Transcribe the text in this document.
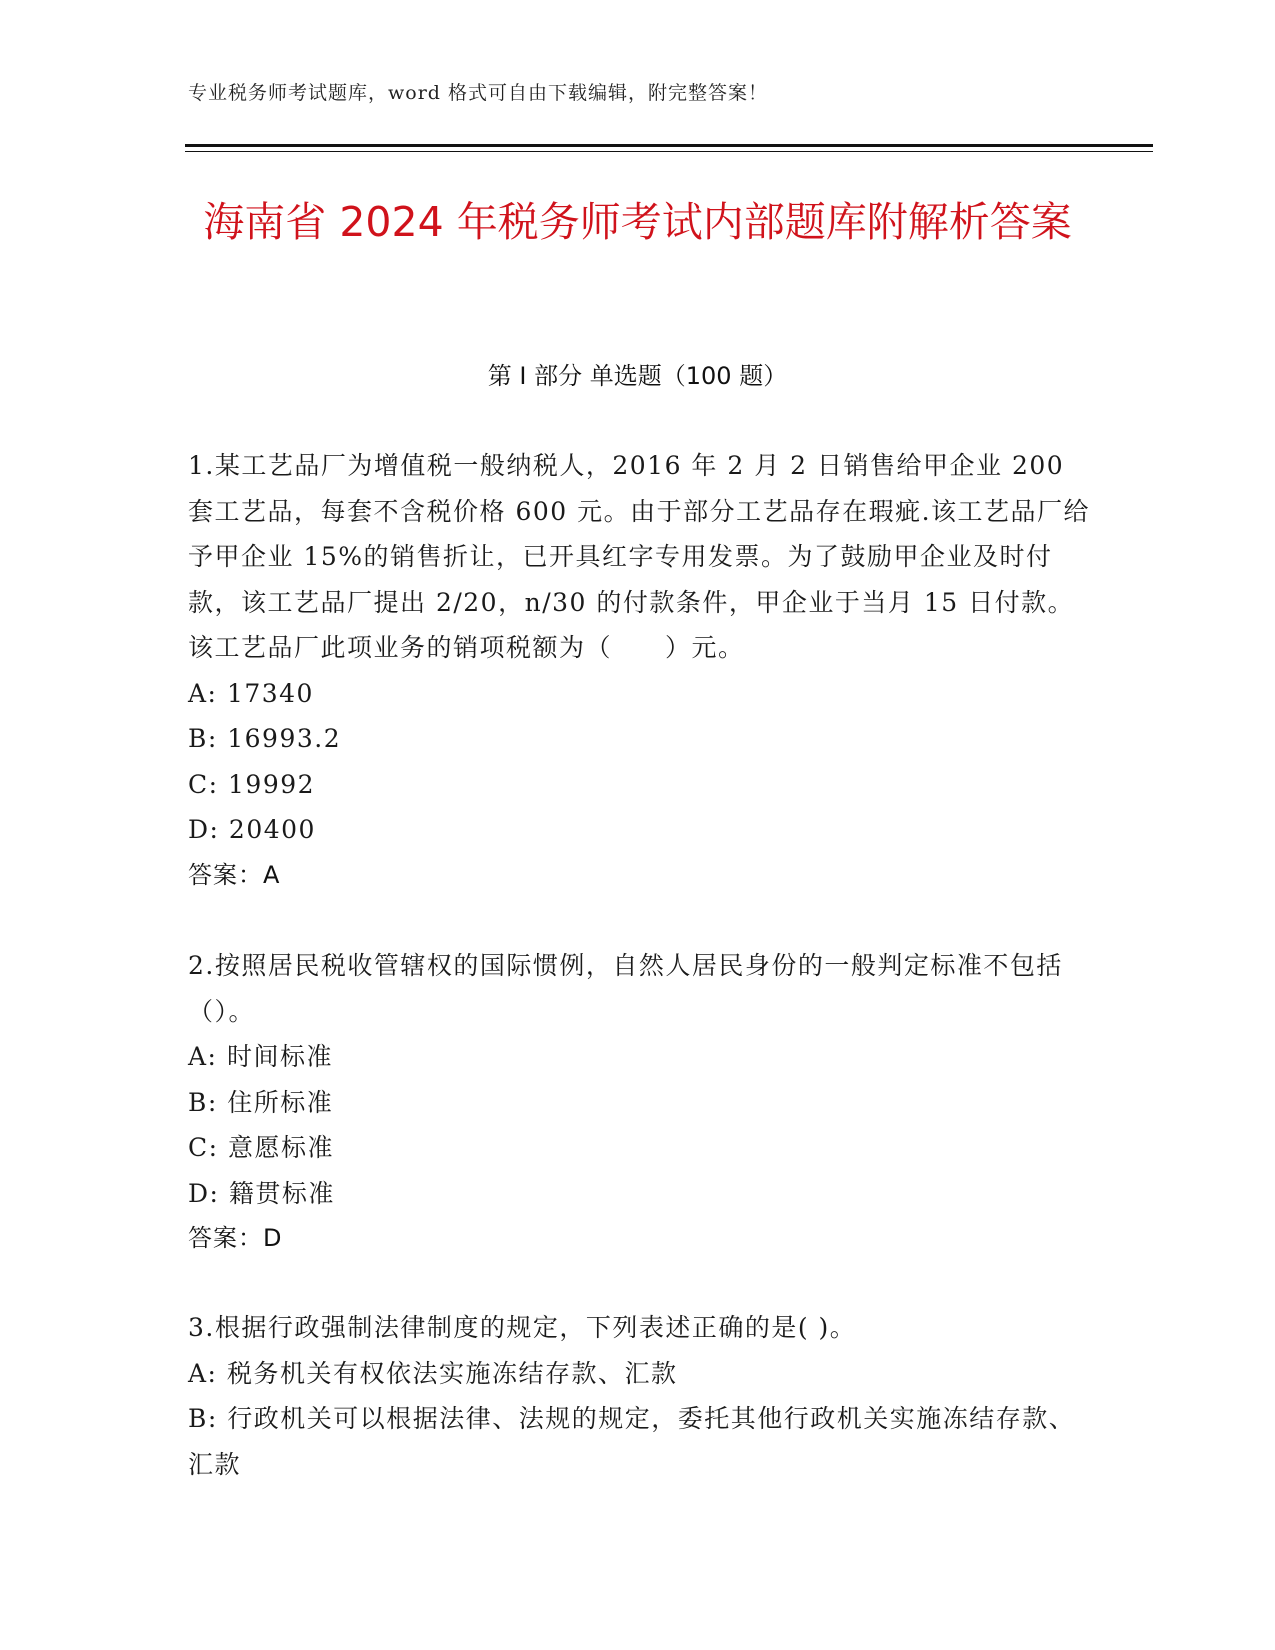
专业税务师考试题库，word 格式可自由下载编辑，附完整答案！
海南省 2024 年税务师考试内部题库附解析答案
第 I 部分 单选题（100 题）

1.某工艺品厂为增值税一般纳税人，2016 年 2 月 2 日销售给甲企业 200 套工艺品，每套不含税价格 600 元。由于部分工艺品存在瑕疵.该工艺品厂给予甲企业 15%的销售折让，已开具红字专用发票。为了鼓励甲企业及时付款，该工艺品厂提出 2/20，n/30 的付款条件，甲企业于当月 15 日付款。该工艺品厂此项业务的销项税额为（　　）元。

A: 17340

B: 16993.2

C: 19992

D: 20400

答案：A

2.按照居民税收管辖权的国际惯例，自然人居民身份的一般判定标准不包括（）。

A: 时间标准

B: 住所标准

C: 意愿标准

D: 籍贯标准

答案：D

3.根据行政强制法律制度的规定，下列表述正确的是( )。

A: 税务机关有权依法实施冻结存款、汇款

B: 行政机关可以根据法律、法规的规定，委托其他行政机关实施冻结存款、汇款
